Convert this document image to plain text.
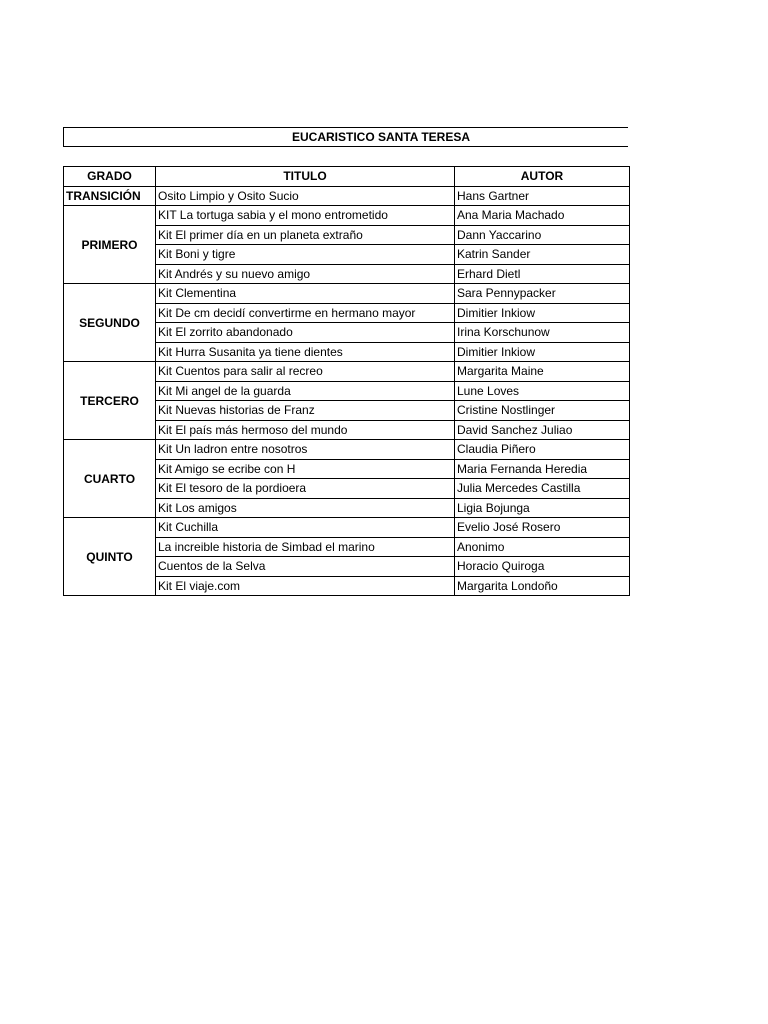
EUCARISTICO SANTA TERESA
GRADO	TITULO	AUTOR
TRANSICIÓN	Osito Limpio y Osito Sucio	Hans Gartner
PRIMERO	KIT La tortuga sabia y el mono entrometido	Ana Maria Machado
	Kit El primer día en un planeta extraño	Dann Yaccarino
	Kit Boni y tigre	Katrin Sander
	Kit Andrés y su nuevo amigo	Erhard Dietl
SEGUNDO	Kit Clementina	Sara Pennypacker
	Kit De cm decidí convertirme en hermano mayor	Dimitier Inkiow
	Kit El zorrito abandonado	Irina Korschunow
	Kit Hurra Susanita ya tiene dientes	Dimitier Inkiow
TERCERO	Kit Cuentos para salir al recreo	Margarita Maine
	Kit Mi angel de la guarda	Lune Loves
	Kit Nuevas historias de Franz	Cristine Nostlinger
	Kit El país más hermoso del mundo	David Sanchez Juliao
CUARTO	Kit Un ladron entre nosotros	Claudia Piñero
	Kit Amigo se ecribe con H	Maria Fernanda Heredia
	Kit El tesoro de la pordioera	Julia Mercedes Castilla
	Kit Los amigos	Ligia Bojunga
QUINTO	Kit Cuchilla	Evelio José Rosero
	La increible historia de Simbad el marino	Anonimo
	Cuentos de la Selva	Horacio Quiroga
	Kit El viaje.com	Margarita Londoño
